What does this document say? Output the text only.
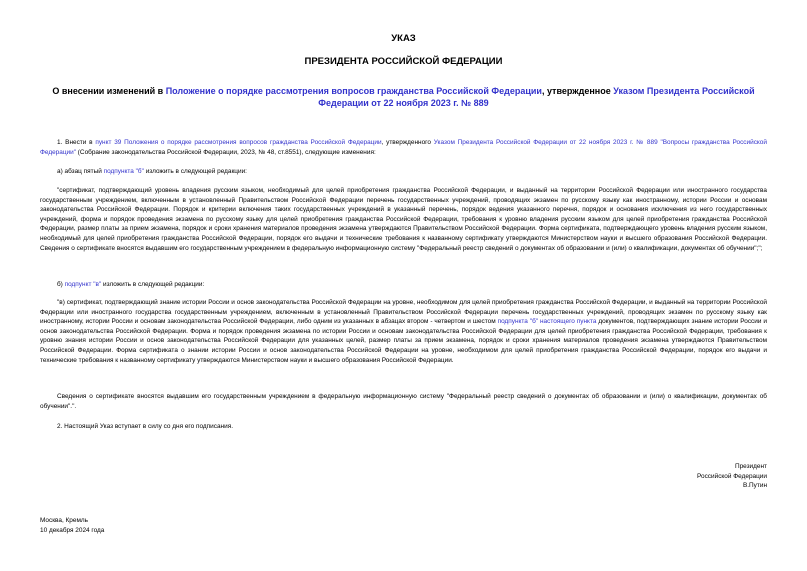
УКАЗ
ПРЕЗИДЕНТА РОССИЙСКОЙ ФЕДЕРАЦИИ
О внесении изменений в Положение о порядке рассмотрения вопросов гражданства Российской Федерации, утвержденное Указом Президента Российской Федерации от 22 ноября 2023 г. № 889

1. Внести в пункт 39 Положения о порядке рассмотрения вопросов гражданства Российской Федерации, утвержденного Указом Президента Российской Федерации от 22 ноября 2023 г. № 889 "Вопросы гражданства Российской Федерации" (Собрание законодательства Российской Федерации, 2023, № 48, ст.8551), следующие изменения:

а) абзац пятый подпункта "б" изложить в следующей редакции:

"сертификат, подтверждающий уровень владения русским языком, необходимый для целей приобретения гражданства Российской Федерации, и выданный на территории Российской Федерации или иностранного государства государственным учреждением, включенным в установленный Правительством Российской Федерации перечень государственных учреждений, проводящих экзамен по русскому языку как иностранному, истории России и основам законодательства Российской Федерации. Порядок и критерии включения таких государственных учреждений в указанный перечень, порядок ведения указанного перечня, порядок и основания исключения из него государственных учреждений, форма и порядок проведения экзамена по русскому языку для целей приобретения гражданства Российской Федерации, требования к уровню владения русским языком для целей приобретения гражданства Российской Федерации, размер платы за прием экзамена, порядок и сроки хранения материалов проведения экзамена утверждаются Правительством Российской Федерации. Форма сертификата, подтверждающего уровень владения русским языком, необходимый для целей приобретения гражданства Российской Федерации, порядок его выдачи и технические требования к названному сертификату утверждаются Министерством науки и высшего образования Российской Федерации. Сведения о сертификате вносятся выдавшим его государственным учреждением в федеральную информационную систему "Федеральный реестр сведений о документах об образовании и (или) о квалификации, документах об обучении";";

б) подпункт "в" изложить в следующей редакции:

"в) сертификат, подтверждающий знание истории России и основ законодательства Российской Федерации на уровне, необходимом для целей приобретения гражданства Российской Федерации, и выданный на территории Российской Федерации или иностранного государства государственным учреждением, включенным в установленный Правительством Российской Федерации перечень государственных учреждений, проводящих экзамен по русскому языку как иностранному, истории России и основам законодательства Российской Федерации, либо одним из указанных в абзацах втором - четвертом и шестом подпункта "б" настоящего пункта документов, подтверждающих знание истории России и основ законодательства Российской Федерации. Форма и порядок проведения экзамена по истории России и основам законодательства Российской Федерации для целей приобретения гражданства Российской Федерации, требования к уровню знания истории России и основ законодательства Российской Федерации для указанных целей, размер платы за прием экзамена, порядок и сроки хранения материалов проведения экзамена утверждаются Правительством Российской Федерации. Форма сертификата о знании истории России и основ законодательства Российской Федерации на уровне, необходимом для целей приобретения гражданства Российской Федерации, порядок его выдачи и технические требования к названному сертификату утверждаются Министерством науки и высшего образования Российской Федерации.

Сведения о сертификате вносятся выдавшим его государственным учреждением в федеральную информационную систему "Федеральный реестр сведений о документах об образовании и (или) о квалификации, документах об обучении".".

2. Настоящий Указ вступает в силу со дня его подписания.

Президент
Российской Федерации
В.Путин
Москва, Кремль
10 декабря 2024 года
